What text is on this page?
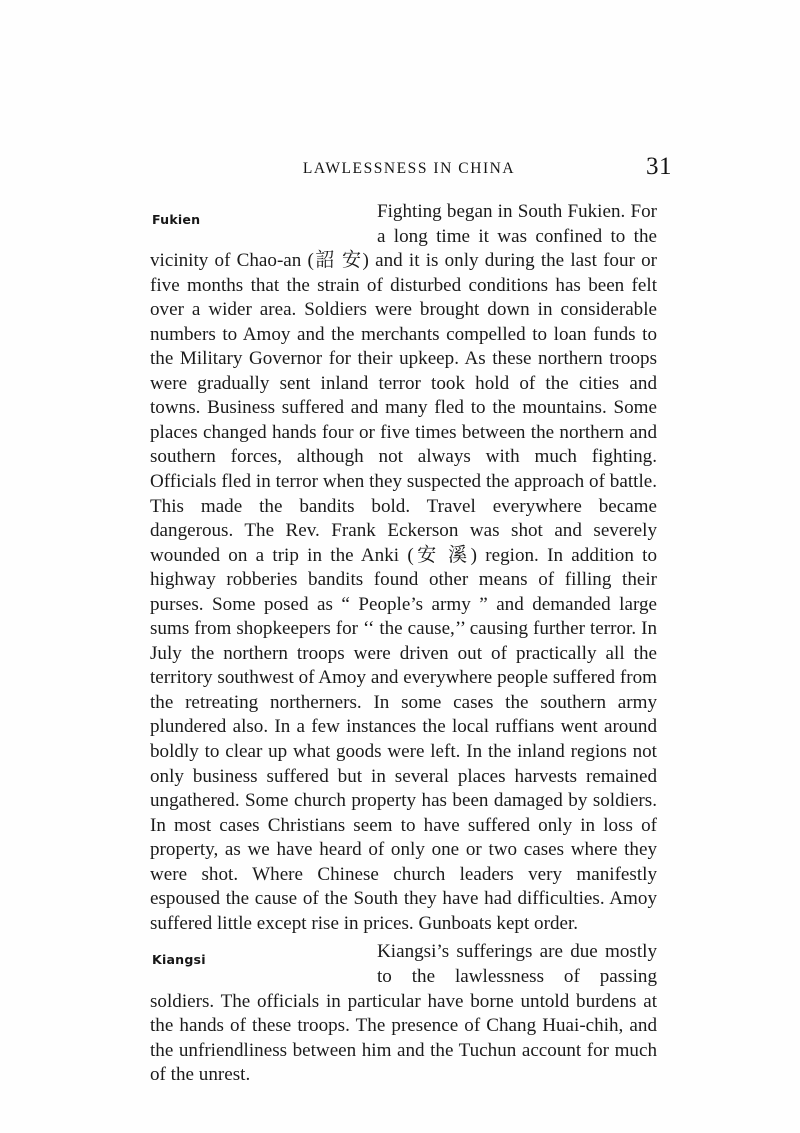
LAWLESSNESS IN CHINA	31

Fukien	Fighting began in South Fukien. For a long time it was confined to the vicinity of Chao-an (詔 安) and it is only during the last four or five months that the strain of disturbed conditions has been felt over a wider area. Soldiers were brought down in considerable numbers to Amoy and the merchants compelled to loan funds to the Military Governor for their upkeep. As these northern troops were gradually sent inland terror took hold of the cities and towns. Business suffered and many fled to the mountains. Some places changed hands four or five times between the northern and southern forces, although not always with much fighting. Officials fled in terror when they suspected the approach of battle. This made the bandits bold. Travel everywhere became dangerous. The Rev. Frank Eckerson was shot and severely wounded on a trip in the Anki (安 溪) region. In addition to highway robberies bandits found other means of filling their purses. Some posed as “ People’s army ” and demanded large sums from shopkeepers for ‘‘ the cause,’’ causing further terror. In July the northern troops were driven out of practically all the territory southwest of Amoy and everywhere people suffered from the retreating northerners. In some cases the southern army plundered also. In a few instances the local ruffians went around boldly to clear up what goods were left. In the inland regions not only business suffered but in several places harvests remained ungathered. Some church property has been damaged by soldiers. In most cases Christians seem to have suffered only in loss of property, as we have heard of only one or two cases where they were shot. Where Chinese church leaders very manifestly espoused the cause of the South they have had difficulties. Amoy suffered little except rise in prices. Gunboats kept order.

Kiangsi	Kiangsi’s sufferings are due mostly to the lawlessness of passing soldiers. The officials in particular have borne untold burdens at the hands of these troops. The presence of Chang Huai-chih, and the unfriendliness between him and the Tuchun account for much of the unrest.
